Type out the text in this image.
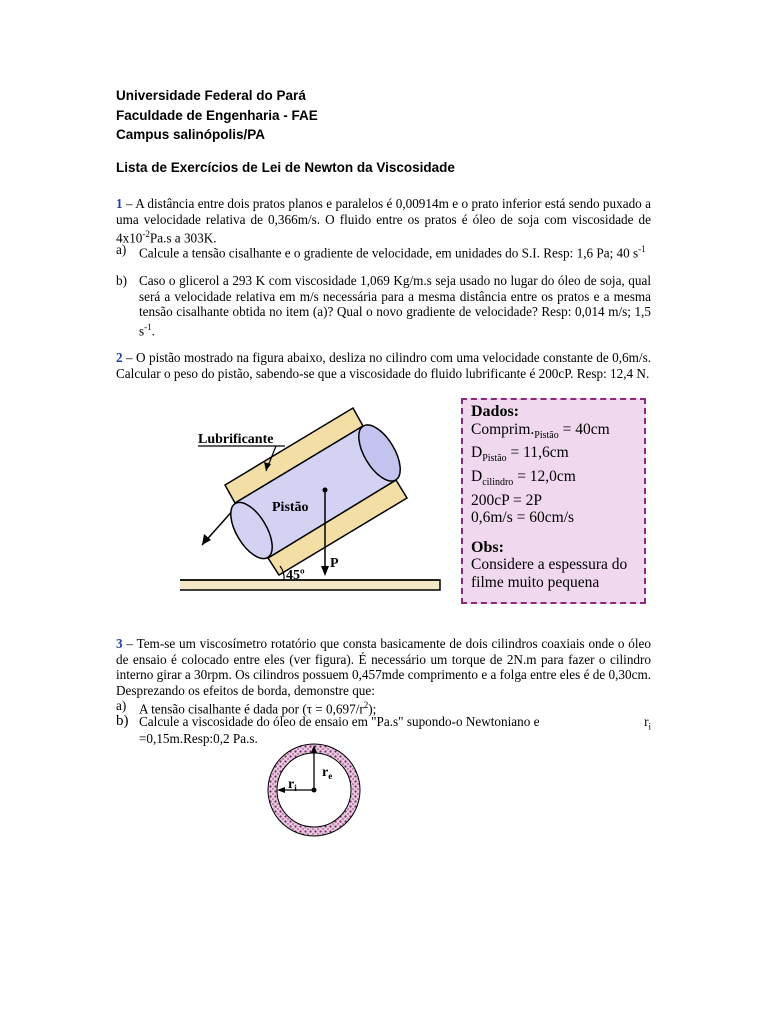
Universidade Federal do Pará
Faculdade de Engenharia - FAE
Campus salinópolis/PA
Lista de Exercícios de Lei de Newton da Viscosidade
1 – A distância entre dois pratos planos e paralelos é 0,00914m e o prato inferior está sendo puxado a uma velocidade relativa de 0,366m/s. O fluido entre os pratos é óleo de soja com viscosidade de $4x10^{-2}Pa.s$ a 303K.
a) Calcule a tensão cisalhante e o gradiente de velocidade, em unidades do S.I. Resp: 1,6 Pa; 40 $s^{-1}$
b) Caso o glicerol a 293 K com viscosidade 1,069 Kg/m.s seja usado no lugar do óleo de soja, qual será a velocidade relativa em m/s necessária para a mesma distância entre os pratos e a mesma tensão cisalhante obtida no item (a)? Qual o novo gradiente de velocidade? Resp: 0,014 m/s; 1,5 $s^{-1}$.
2 – O pistão mostrado na figura abaixo, desliza no cilindro com uma velocidade constante de 0,6m/s. Calcular o peso do pistão, sabendo-se que a viscosidade do fluido lubrificante é 200cP. Resp: 12,4 N.
Lubrificante
Pistão
P
45º
Dados:
$Comprim._{Pistão} = 40cm$
$D_{Pistão} = 11,6cm$
$D_{cilindro} = 12,0cm$
200cP = 2P
0,6m/s = 60cm/s
Obs:
Considere a espessura do filme muito pequena
3 – Tem-se um viscosímetro rotatório que consta basicamente de dois cilindros coaxiais onde o óleo de ensaio é colocado entre eles (ver figura). É necessário um torque de 2N.m para fazer o cilindro interno girar a 30rpm. Os cilindros possuem 0,457mde comprimento e a folga entre eles é de 0,30cm. Desprezando os efeitos de borda, demonstre que:
a) A tensão cisalhante é dada por $(\tau = 0,697/r^2)$;
b) Calcule a viscosidade do óleo de ensaio em "Pa.s" supondo-o Newtoniano e	$r_i$

=0,15m.Resp:0,2 Pa.s.
$r_e$
$r_i$
